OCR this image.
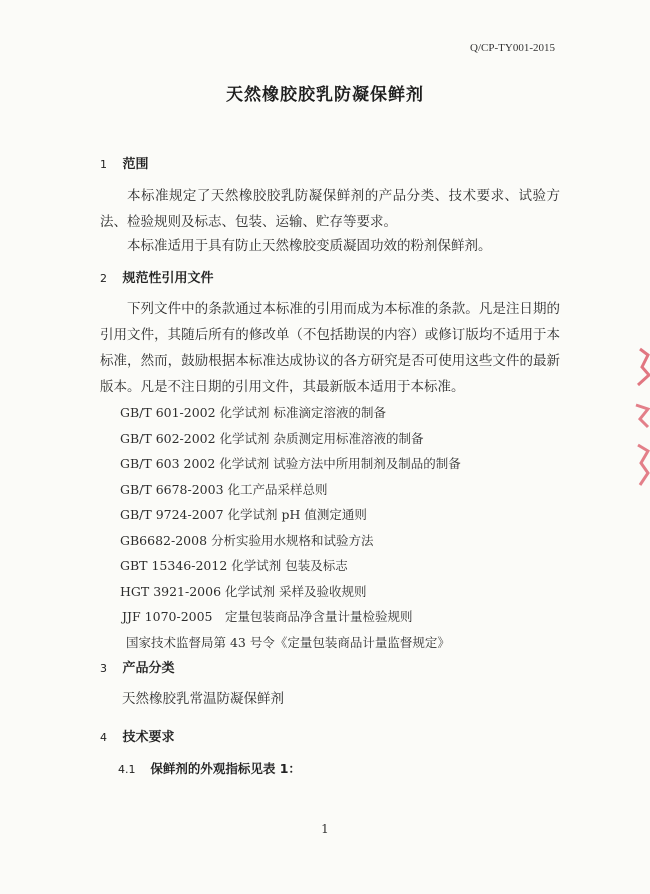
Q/CP-TY001-2015
天然橡胶胶乳防凝保鲜剂
1 范围
本标准规定了天然橡胶胶乳防凝保鲜剂的产品分类、技术要求、试验方法、检验规则及标志、包装、运输、贮存等要求。
本标准适用于具有防止天然橡胶变质凝固功效的粉剂保鲜剂。
2 规范性引用文件
下列文件中的条款通过本标准的引用而成为本标准的条款。凡是注日期的引用文件，其随后所有的修改单（不包括勘误的内容）或修订版均不适用于本标准，然而，鼓励根据本标准达成协议的各方研究是否可使用这些文件的最新版本。凡是不注日期的引用文件，其最新版本适用于本标准。
GB/T 601-2002 化学试剂 标准滴定溶液的制备
GB/T 602-2002 化学试剂 杂质测定用标准溶液的制备
GB/T 603 2002 化学试剂 试验方法中所用制剂及制品的制备
GB/T 6678-2003 化工产品采样总则
GB/T 9724-2007 化学试剂 pH 值测定通则
GB6682-2008 分析实验用水规格和试验方法
GBT 15346-2012 化学试剂 包装及标志
HGT 3921-2006 化学试剂 采样及验收规则
JJF 1070-2005　定量包装商品净含量计量检验规则
国家技术监督局第 43 号令《定量包装商品计量监督规定》
3 产品分类
天然橡胶乳常温防凝保鲜剂
4 技术要求
4.1 保鲜剂的外观指标见表 1：
1
